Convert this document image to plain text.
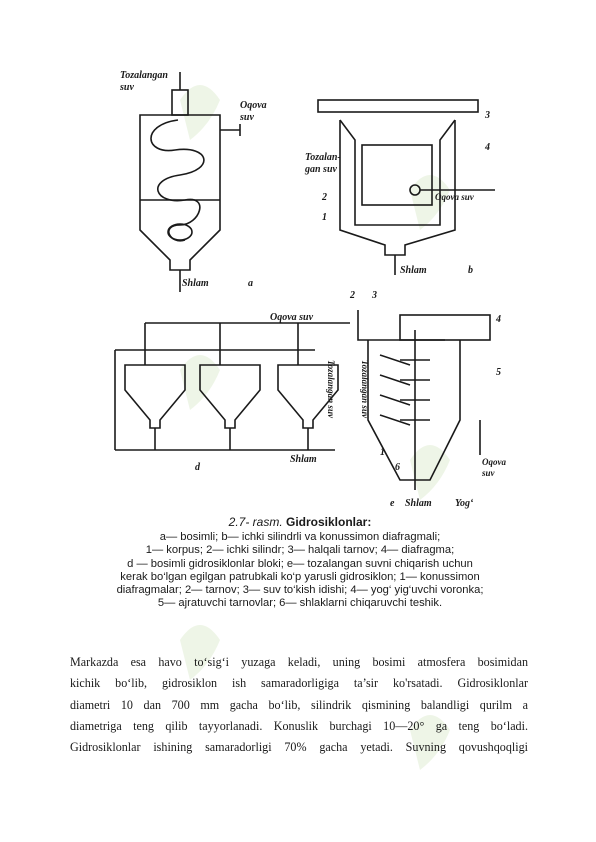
Tozalangan
suv
Oqova
suv
Shlam	a
3
4
Tozalan-
gan suv
2
1
Oqova suv
Shlam	b
Oqova suv
Shlam
d
2 3
4
5
1
6	Oqova
suv
Shlam Yog‘
e
Tozalangan suv	Tozalangan suv
2.7- rasm. Gidrosiklonlar:
a— bosimli; b— ichki silindrli va konussimon diafragmali;
1— korpus; 2— ichki silindr; 3— halqali tarnov; 4— diafragma;
d — bosimli gidrosiklonlar bloki; e— tozalangan suvni chiqarish uchun
kerak bo‘lgan egilgan patrubkali ko‘p yarusli gidrosiklon; 1— konussimon
diafragmalar; 2— tarnov; 3— suv to‘kish idishi; 4— yog‘ yig‘uvchi voronka;
5— ajratuvchi tarnovlar; 6— shlaklarni chiqaruvchi teshik.
Markazda esa havo to‘sig‘i yuzaga keladi, uning bosimi atmosfera bosimidan
kichik bo‘lib, gidrosiklon ish samaradorligiga ta’sir ko'rsatadi. Gidrosiklonlar
diametri 10 dan 700 mm gacha bo‘lib, silindrik qismining balandligi qurilm a
diametriga teng qilib tayyorlanadi. Konuslik burchagi 10—20° ga teng bo‘ladi.
Gidrosiklonlar ishining samaradorligi 70% gacha yetadi. Suvning qovushqoqligi
